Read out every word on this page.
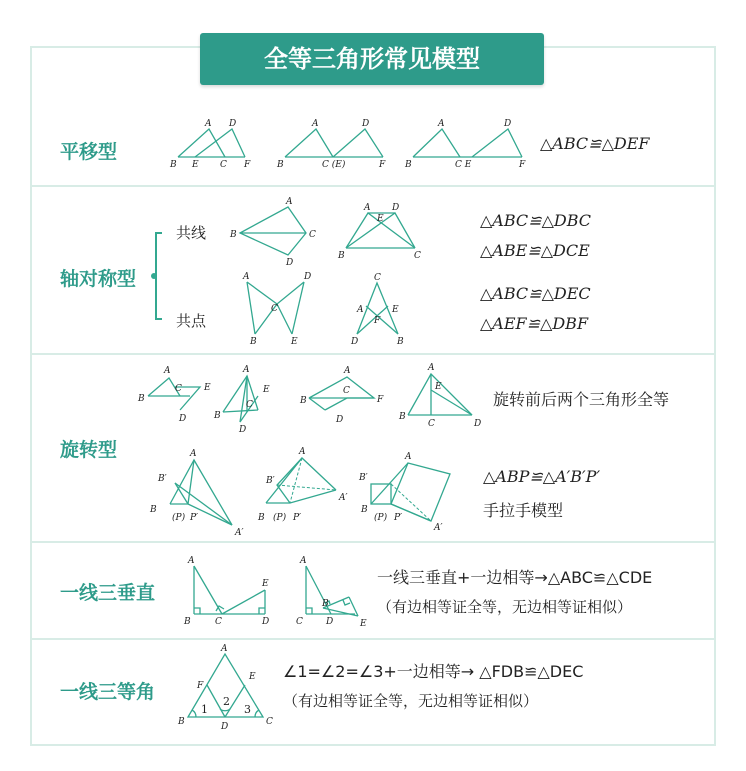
全等三角形常见模型
平移型
轴对称型
旋转型
一线三垂直
一线三等角
共线
共点
△ABC≌△DEF
△ABC≌△DBC
△ABE≌△DCE
△ABC≌△DEC
△AEF≌△DBF
旋转前后两个三角形全等
△ABP≌△A′B′P′
手拉手模型
一线三垂直+一边相等→△ABC≌△CDE
（有边相等证全等，无边相等证相似）
∠1=∠2=∠3+一边相等→ △FDB≌△DEC
（有边相等证全等，无边相等证相似）
A D
B E C F
A	D
B	C (E)	F
A	D
B	C E	F
A
B	C
D
A D
E
B	C
A	D
C
B	E
C
A	E
F
D	B
A
C E
B
D
A
E
C
B
D
A
B
C
F
D
A
E
B
C	D
A
B′
B
(P) P′
A′
A
B′
A′
B (P) P′
A
B′
B
(P) P′
A′
A
E
B	C	D
A
C
B
D	E
A
F
E
B	D	C
1
2
3
